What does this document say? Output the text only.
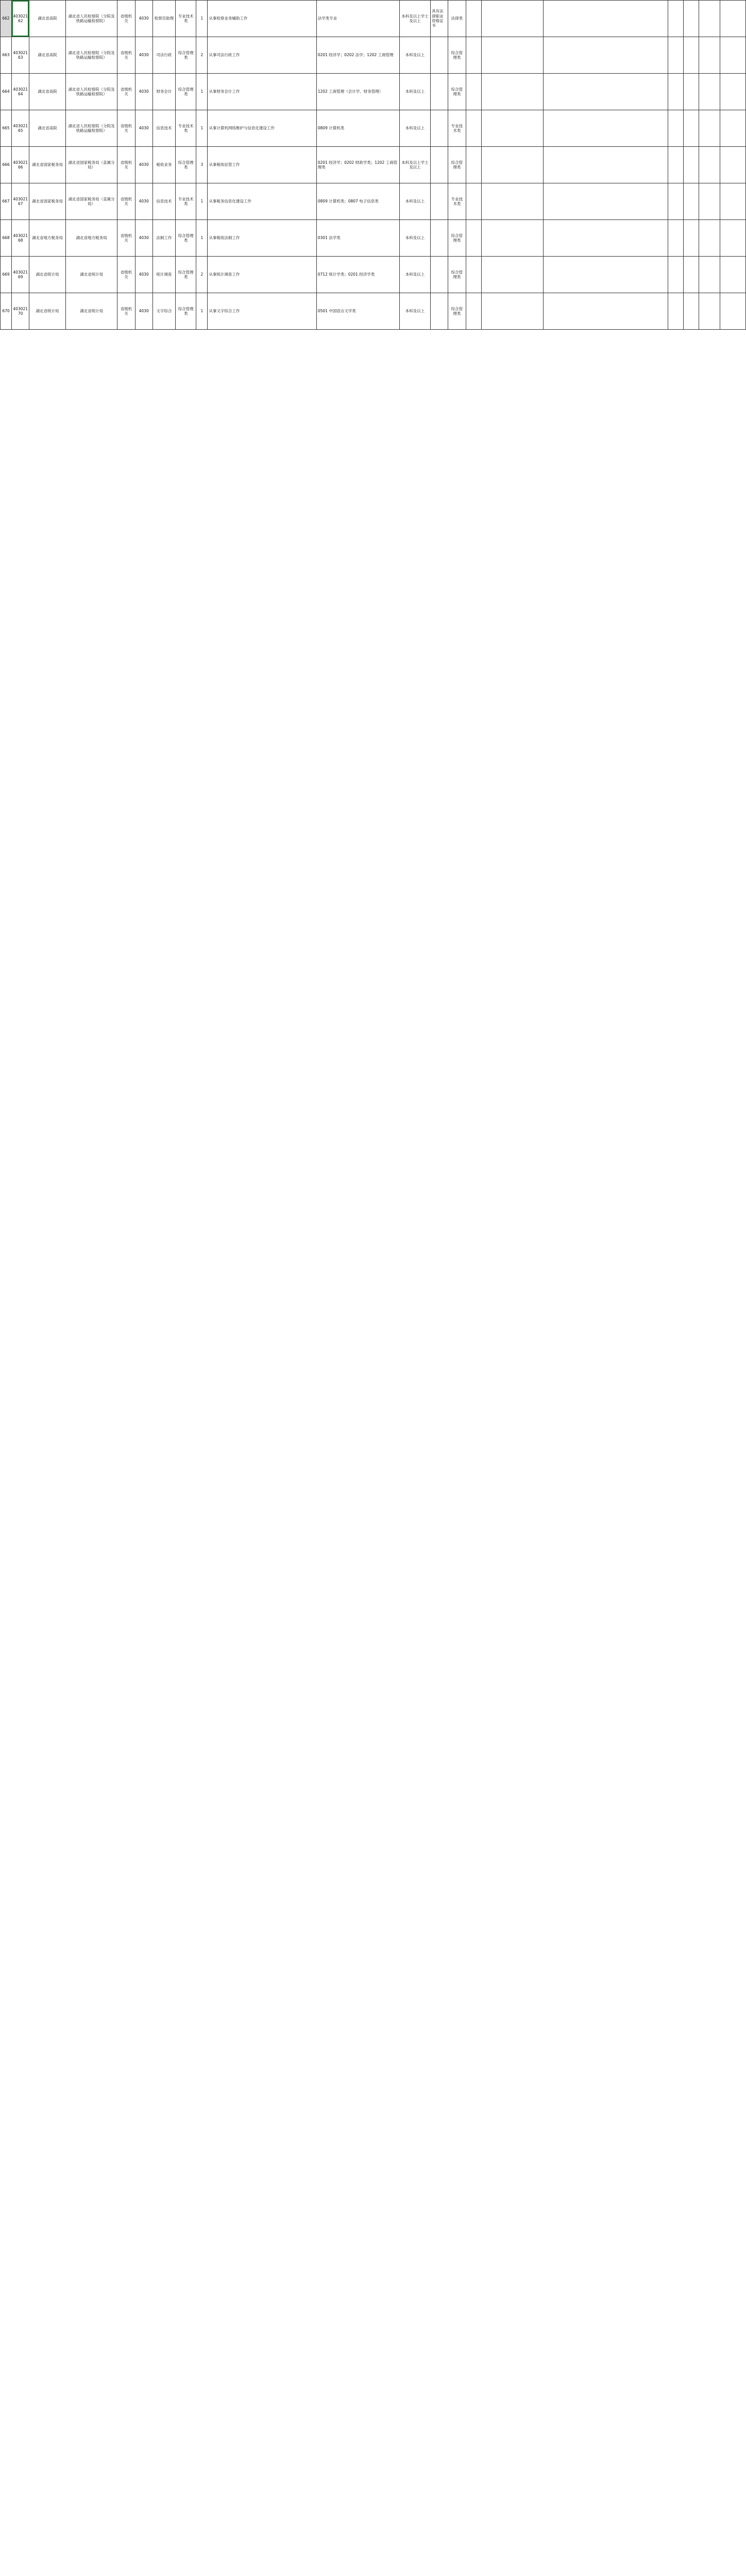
662	40302162	湖北省高院	湖北省人民检察院（分院及铁路运输检察院）	省级机关	4030	检察官助理	专业技术类	1	从事检察业务辅助工作	法学类专业	本科及以上学士及以上	具有法律职业资格证书	法律类							
663	40302163	湖北省高院	湖北省人民检察院（分院及铁路运输检察院）	省级机关	4030	司法行政	综合管理类	2	从事司法行政工作	0201 经济学；0202 法学；1202 工商管理	本科及以上		综合管理类							
664	40302164	湖北省高院	湖北省人民检察院（分院及铁路运输检察院）	省级机关	4030	财务会计	综合管理类	1	从事财务会计工作	1202 工商管理（会计学、财务管理）	本科及以上		综合管理类							
665	40302165	湖北省高院	湖北省人民检察院（分院及铁路运输检察院）	省级机关	4030	信息技术	专业技术类	1	从事计算机网络维护与信息化建设工作	0809 计算机类	本科及以上		专业技术类							
666	40302166	湖北省国家税务局	湖北省国家税务局（直属分局）	省级机关	4030	税收业务	综合管理类	3	从事税收征管工作	0201 经济学；0202 财政学类；1202 工商管理类	本科及以上学士及以上		综合管理类							
667	40302167	湖北省国家税务局	湖北省国家税务局（直属分局）	省级机关	4030	信息技术	专业技术类	1	从事税务信息化建设工作	0809 计算机类；0807 电子信息类	本科及以上		专业技术类							
668	40302168	湖北省地方税务局	湖北省地方税务局	省级机关	4030	法制工作	综合管理类	1	从事税收法制工作	0301 法学类	本科及以上		综合管理类							
669	40302169	湖北省统计局	湖北省统计局	省级机关	4030	统计调查	综合管理类	2	从事统计调查工作	0712 统计学类；0201 经济学类	本科及以上		综合管理类							
670	40302170	湖北省统计局	湖北省统计局	省级机关	4030	文字综合	综合管理类	1	从事文字综合工作	0501 中国语言文学类	本科及以上		综合管理类							
